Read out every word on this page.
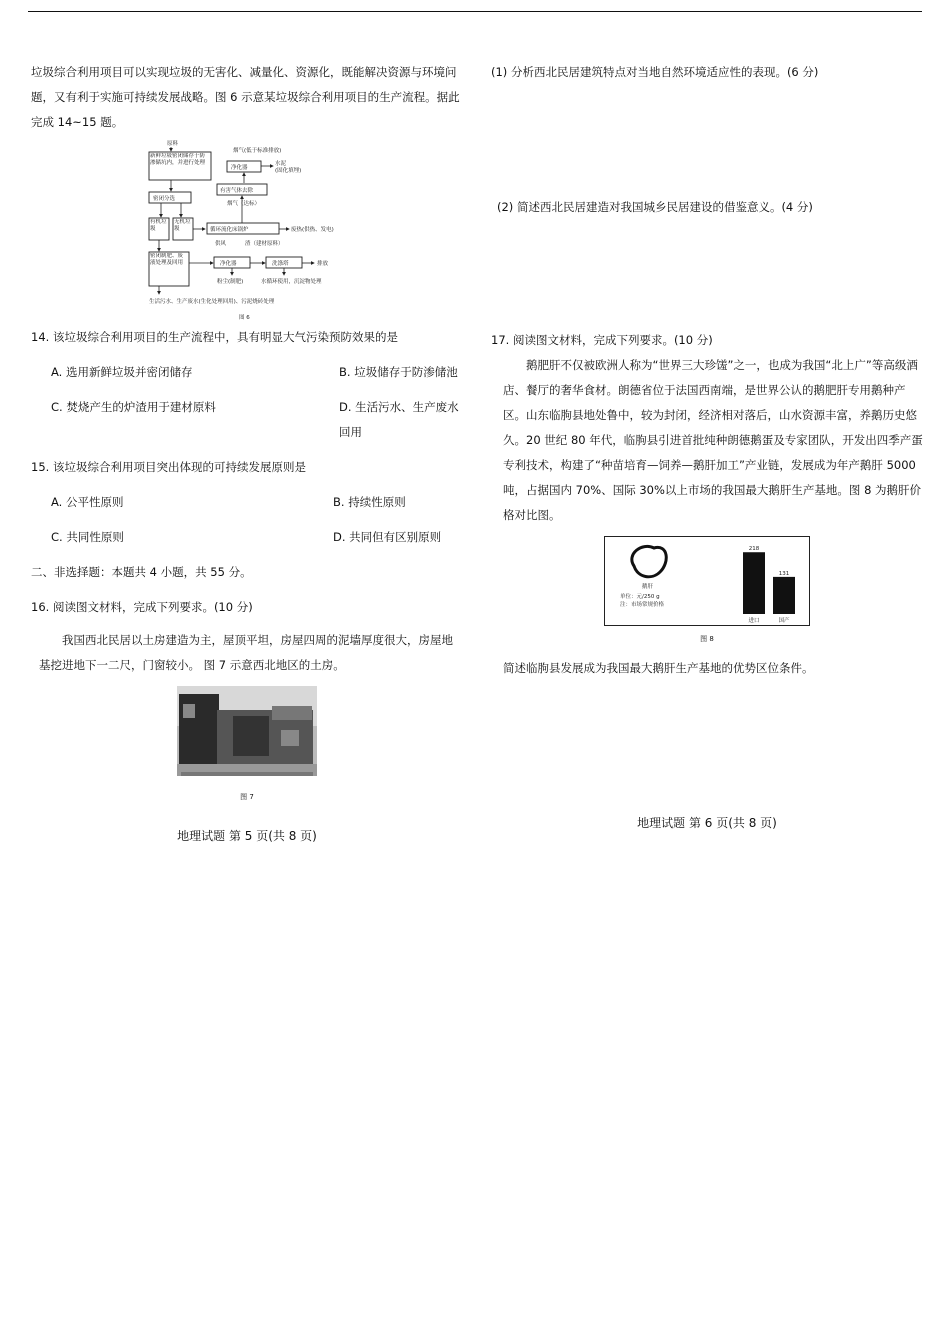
垃圾综合利用项目可以实现垃圾的无害化、减量化、资源化，既能解决资源与环境问题，又有利于实施可持续发展战略。图 6 示意某垃圾综合利用项目的生产流程。据此完成 14~15 题。

原料
新鲜垃圾密闭储存于防渗储坑内，并进行处理
密闭分选
有机垃圾
无机垃圾
密闭制肥、废液处理及回用
烟气(低于标准排放)
净化器
水泥
(固化填埋)
有害气体去除
烟气（达标）
循环流化床锅炉	废热(供热、发电)
供风	渣（建材原料）
净化器	洗涤塔	排放
粉尘(制肥)	水循环使用，沉淀物处理
生活污水、生产废水(生化处理回用)、污泥烧砖处理
图 6

14. 该垃圾综合利用项目的生产流程中，具有明显大气污染预防效果的是

A. 选用新鲜垃圾并密闭储存	B. 垃圾储存于防渗储池
C. 焚烧产生的炉渣用于建材原料	D. 生活污水、生产废水回用

15. 该垃圾综合利用项目突出体现的可持续发展原则是

A. 公平性原则	B. 持续性原则
C. 共同性原则	D. 共同但有区别原则

二、非选择题：本题共 4 小题，共 55 分。

16. 阅读图文材料，完成下列要求。(10 分)

我国西北民居以土房建造为主，屋顶平坦，房屋四周的泥墙厚度很大，房屋地基挖进地下一二尺，门窗较小。 图 7 示意西北地区的土房。

图 7
地理试题 第 5 页(共 8 页)

(1) 分析西北民居建筑特点对当地自然环境适应性的表现。(6 分)

(2) 简述西北民居建造对我国城乡民居建设的借鉴意义。(4 分)

17. 阅读图文材料，完成下列要求。(10 分)

鹅肥肝不仅被欧洲人称为“世界三大珍馐”之一，也成为我国“北上广”等高级酒店、餐厅的奢华食材。朗德省位于法国西南端，是世界公认的鹅肥肝专用鹅种产区。山东临朐县地处鲁中，较为封闭，经济相对落后，山水资源丰富，养鹅历史悠久。20 世纪 80 年代，临朐县引进首批纯种朗德鹅蛋及专家团队，开发出四季产蛋专利技术，构建了“种苗培育—饲养—鹅肝加工”产业链，发展成为年产鹅肝 5000 吨，占据国内 70%、国际 30%以上市场的我国最大鹅肝生产基地。图 8 为鹅肝价格对比图。

鹅肝
单位：元/250 g
注：市场常规价格
218
进口
131
国产
图 8

简述临朐县发展成为我国最大鹅肝生产基地的优势区位条件。

地理试题 第 6 页(共 8 页)
